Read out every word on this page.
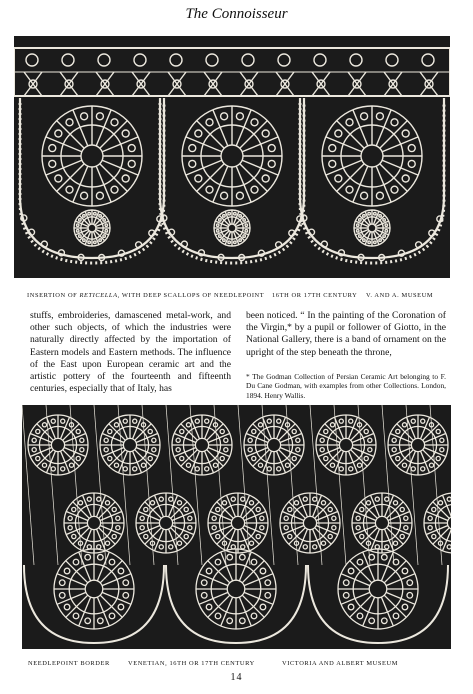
The Connoisseur
INSERTION OF RETICELLA, WITH DEEP SCALLOPS OF NEEDLEPOINT 16TH OR 17TH CENTURY V. AND A. MUSEUM
stuffs, embroideries, damascened metal-work, and other such objects, of which the industries were naturally directly affected by the importation of Eastern models and Eastern methods. The influence of the East upon European ceramic art and the artistic pottery of the fourteenth and fifteenth centuries, especially that of Italy, has
been noticed. “ In the painting of the Coronation of the Virgin,* by a pupil or follower of Giotto, in the National Gallery, there is a band of ornament on the upright of the step beneath the throne,
* The Godman Collection of Persian Ceramic Art belonging to F. Du Cane Godman, with examples from other Collections. London, 1894. Henry Wallis.
NEEDLEPOINT BORDER	VENETIAN, 16TH OR 17TH CENTURY	VICTORIA AND ALBERT MUSEUM
14
